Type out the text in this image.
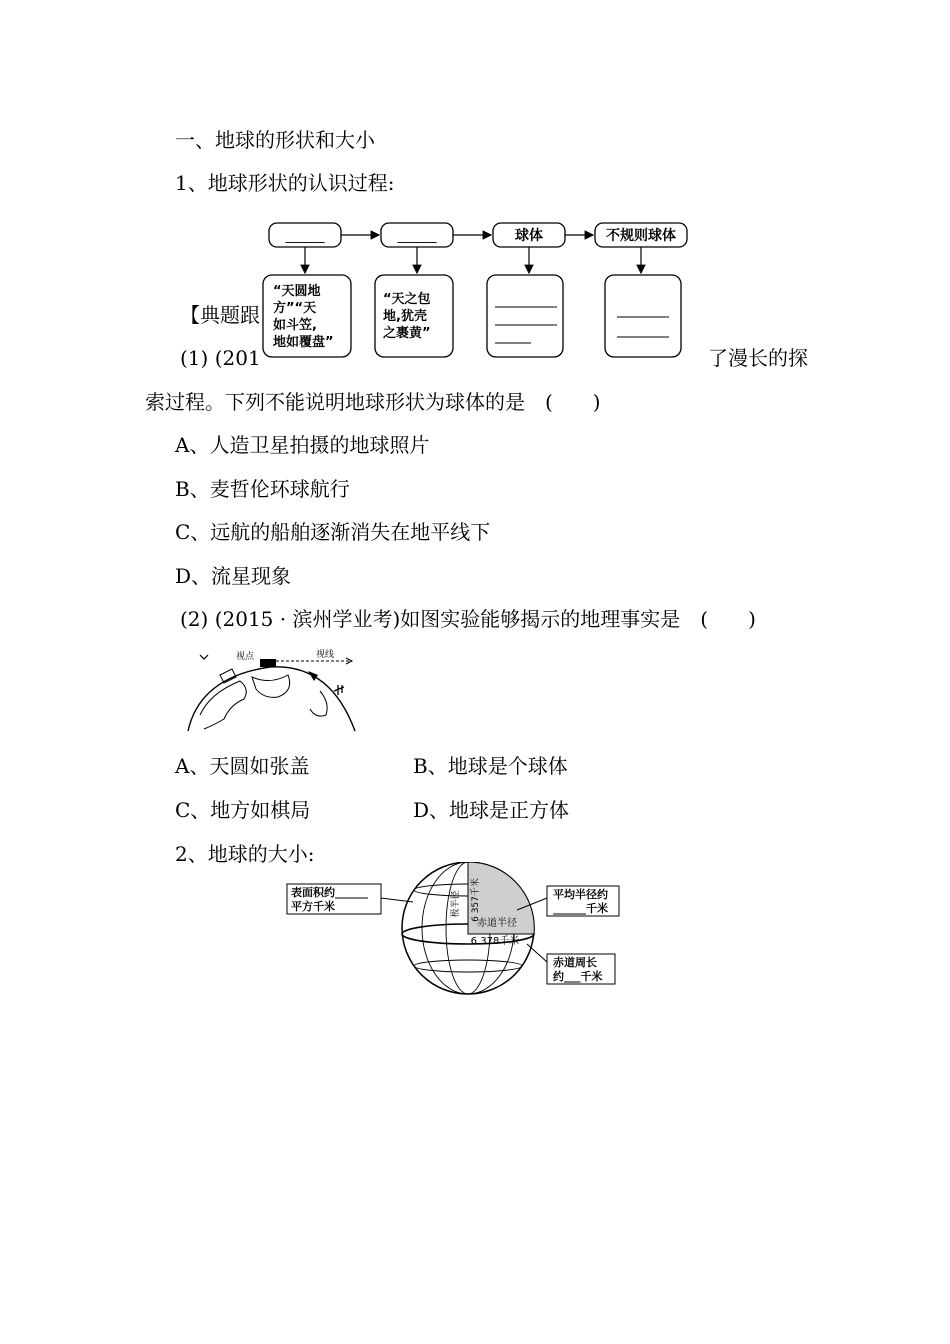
一、地球的形状和大小
1、地球形状的认识过程:
______	______	球体	不规则球体
“天圆地
方”“天
如斗笠,
地如覆盘”
“天之包
地,犹壳
之裹黄”
【典题跟
(1) (201	了漫长的探
索过程。下列不能说明地球形状为球体的是　(　　)
A、人造卫星拍摄的地球照片
B、麦哲伦环球航行
C、远航的船舶逐渐消失在地平线下
D、流星现象
(2) (2015 · 滨州学业考)如图实验能够揭示的地理事实是　(　　)
视点	视线
A、天圆如张盖	B、地球是个球体
C、地方如棋局	D、地球是正方体
2、地球的大小:
极半径 6 357千米
赤道半径
6 378千米
表面积约______
平方千米
平均半径约
______千米
赤道周长
约___千米
